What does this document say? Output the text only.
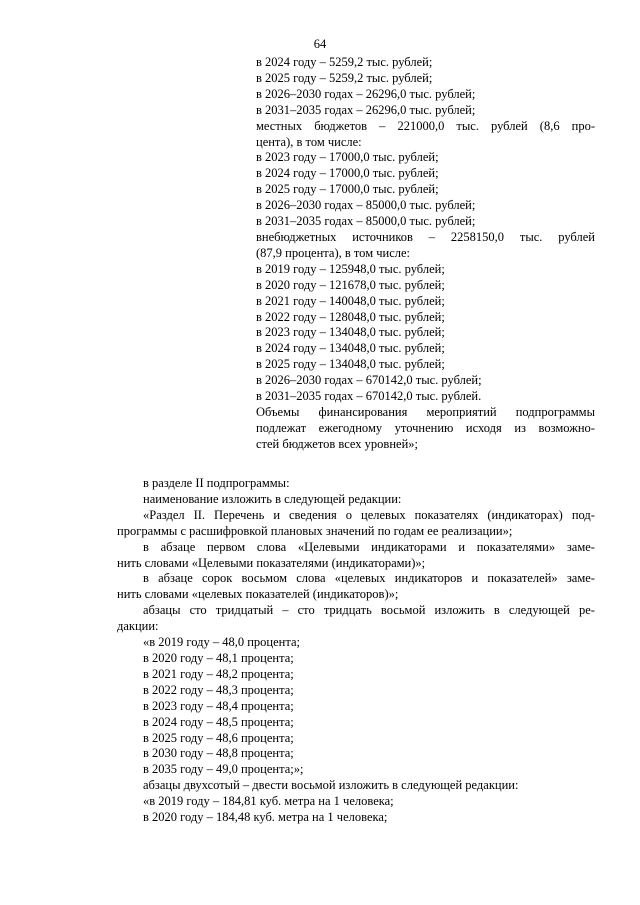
64
в 2024 году – 5259,2 тыс. рублей;
в 2025 году – 5259,2 тыс. рублей;
в 2026–2030 годах – 26296,0 тыс. рублей;
в 2031–2035 годах – 26296,0 тыс. рублей;
местных бюджетов – 221000,0 тыс. рублей (8,6 про-
цента), в том числе:
в 2023 году – 17000,0 тыс. рублей;
в 2024 году – 17000,0 тыс. рублей;
в 2025 году – 17000,0 тыс. рублей;
в 2026–2030 годах – 85000,0 тыс. рублей;
в 2031–2035 годах – 85000,0 тыс. рублей;
внебюджетных источников – 2258150,0 тыс. рублей
(87,9 процента), в том числе:
в 2019 году – 125948,0 тыс. рублей;
в 2020 году – 121678,0 тыс. рублей;
в 2021 году – 140048,0 тыс. рублей;
в 2022 году – 128048,0 тыс. рублей;
в 2023 году – 134048,0 тыс. рублей;
в 2024 году – 134048,0 тыс. рублей;
в 2025 году – 134048,0 тыс. рублей;
в 2026–2030 годах – 670142,0 тыс. рублей;
в 2031–2035 годах – 670142,0 тыс. рублей.
Объемы финансирования мероприятий подпрограммы
подлежат ежегодному уточнению исходя из возможно-
стей бюджетов всех уровней»;
в разделе II подпрограммы:
наименование изложить в следующей редакции:
«Раздел II. Перечень и сведения о целевых показателях (индикаторах) под-
программы с расшифровкой плановых значений по годам ее реализации»;
в абзаце первом слова «Целевыми индикаторами и показателями» заме-
нить словами «Целевыми показателями (индикаторами)»;
в абзаце сорок восьмом слова «целевых индикаторов и показателей» заме-
нить словами «целевых показателей (индикаторов)»;
абзацы сто тридцатый – сто тридцать восьмой изложить в следующей ре-
дакции:
«в 2019 году – 48,0 процента;
в 2020 году – 48,1 процента;
в 2021 году – 48,2 процента;
в 2022 году – 48,3 процента;
в 2023 году – 48,4 процента;
в 2024 году – 48,5 процента;
в 2025 году – 48,6 процента;
в 2030 году – 48,8 процента;
в 2035 году – 49,0 процента;»;
абзацы двухсотый – двести восьмой изложить в следующей редакции:
«в 2019 году – 184,81 куб. метра на 1 человека;
в 2020 году – 184,48 куб. метра на 1 человека;
